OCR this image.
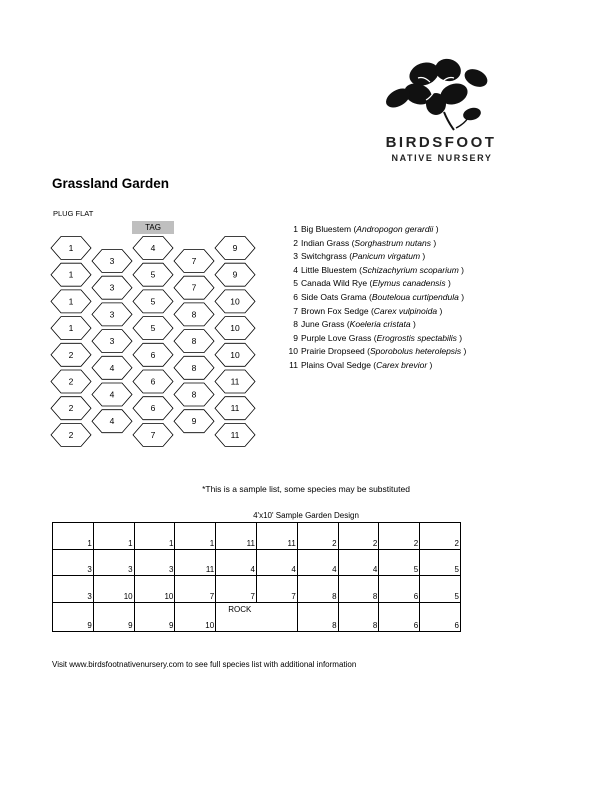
BIRDSFOOT
NATIVE NURSERY
Grassland Garden
PLUG FLAT
TAG
1
1
1
1
2
2
2
2
3
3
3
3
4
4
4
4
5
5
5
6
6
6
7
7
7
8
8
8
8
9
9
9
10
10
10
11
11
11
1 Big Bluestem (Andropogon gerardii )
2 Indian Grass (Sorghastrum nutans )
3 Switchgrass (Panicum virgatum )
4 Little Bluestem (Schizachyrium scoparium )
5 Canada Wild Rye (Elymus canadensis )
6 Side Oats Grama (Bouteloua curtipendula )
7 Brown Fox Sedge (Carex vulpinoida )
8 June Grass (Koeleria cristata )
9 Purple Love Grass (Erogrostis spectabilis )
10 Prairie Dropseed (Sporobolus heterolepsis )
11 Plains Oval Sedge (Carex brevior )
*This is a sample list, some species may be substituted
4'x10' Sample Garden Design
1	1	1	1	11	11	2	2	2	2
3	3	3	11	4	4	4	4	5	5
3	10	10	7	7	7	8	8	6	5
9	9	9	10	ROCK		8	8	6	6
Visit www.birdsfootnativenursery.com to see full species list with additional information
